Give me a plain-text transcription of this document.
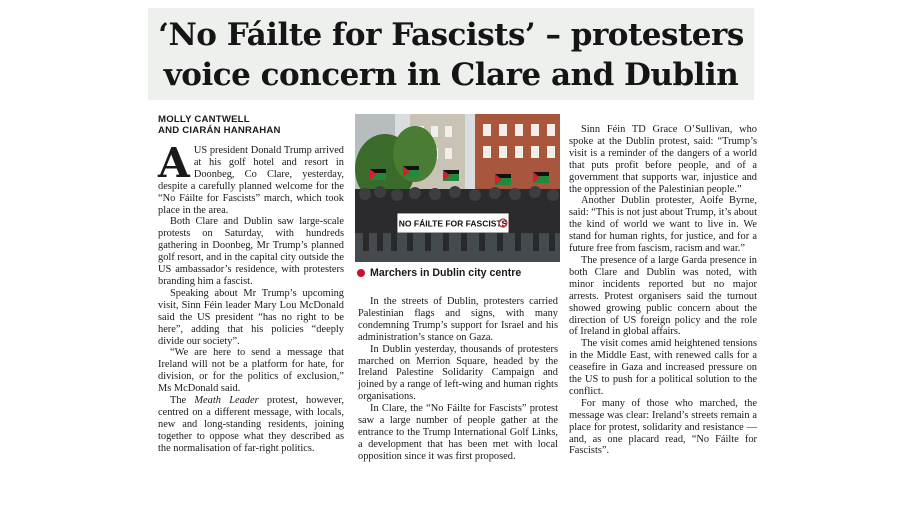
‘No Fáilte for Fascists’ – protesters
voice concern in Clare and Dublin
MOLLY CANTWELL
AND CIARÁN HANRAHAN

AUS president Donald Trump arrived at his golf hotel and resort in Doonbeg, Co Clare, yesterday, despite a carefully planned welcome for the “No Fáilte for Fascists” march, which took place in the area.

Both Clare and Dublin saw large-scale protests on Saturday, with hundreds gathering in Doonbeg, Mr Trump’s planned golf resort, and in the capital city outside the US ambassador’s residence, with protesters branding him a fascist.

Speaking about Mr Trump’s upcoming visit, Sinn Féin leader Mary Lou McDonald said the US president “has no right to be here”, adding that his policies “deeply divide our society”.

“We are here to send a message that Ireland will not be a platform for hate, for division, or for the politics of exclusion,” Ms McDonald said.

The Meath Leader protest, however, centred on a different message, with locals, new and long-standing residents, joining together to oppose what they described as the normalisation of far-right politics.

NO FÁILTE FOR FASCISTS
Marchers in Dublin city centre

In the streets of Dublin, protesters carried Palestinian flags and signs, with many condemning Trump’s support for Israel and his administration’s stance on Gaza.

In Dublin yesterday, thousands of protesters marched on Merrion Square, headed by the Ireland Palestine Solidarity Campaign and joined by a range of left-wing and human rights organisations.

In Clare, the “No Fáilte for Fascists” protest saw a large number of people gather at the entrance to the Trump International Golf Links, a development that has been met with local opposition since it was first proposed.

Sinn Féin TD Grace O’Sullivan, who spoke at the Dublin protest, said: “Trump’s visit is a reminder of the dangers of a world that puts profit before people, and of a government that supports war, injustice and the oppression of the Palestinian people.”

Another Dublin protester, Aoife Byrne, said: “This is not just about Trump, it’s about the kind of world we want to live in. We stand for human rights, for justice, and for a future free from fascism, racism and war.”

The presence of a large Garda presence in both Clare and Dublin was noted, with minor incidents reported but no major arrests. Protest organisers said the turnout showed growing public concern about the direction of US foreign policy and the role of Ireland in global affairs.

The visit comes amid heightened tensions in the Middle East, with renewed calls for a ceasefire in Gaza and increased pressure on the US to push for a political solution to the conflict.

For many of those who marched, the message was clear: Ireland’s streets remain a place for protest, solidarity and resistance — and, as one placard read, “No Fáilte for Fascists”.
